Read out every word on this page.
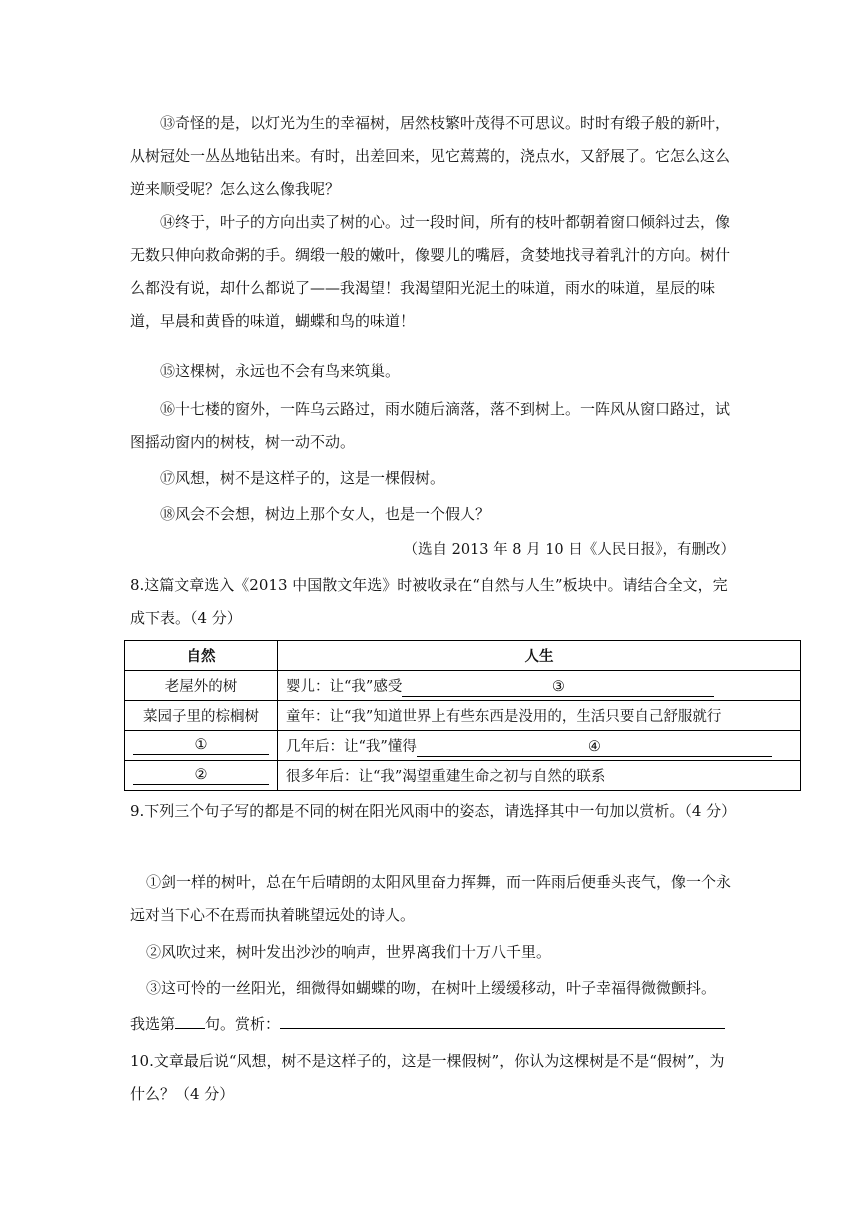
⑬奇怪的是，以灯光为生的幸福树，居然枝繁叶茂得不可思议。时时有缎子般的新叶，从树冠处一丛丛地钻出来。有时，出差回来，见它蔫蔫的，浇点水，又舒展了。它怎么这么逆来顺受呢？怎么这么像我呢？

⑭终于，叶子的方向出卖了树的心。过一段时间，所有的枝叶都朝着窗口倾斜过去，像无数只伸向救命粥的手。绸缎一般的嫩叶，像婴儿的嘴唇，贪婪地找寻着乳汁的方向。树什么都没有说，却什么都说了——我渴望！我渴望阳光泥土的味道，雨水的味道，星辰的味道，早晨和黄昏的味道，蝴蝶和鸟的味道！

⑮这棵树，永远也不会有鸟来筑巢。

⑯十七楼的窗外，一阵乌云路过，雨水随后滴落，落不到树上。一阵风从窗口路过，试图摇动窗内的树枝，树一动不动。

⑰风想，树不是这样子的，这是一棵假树。

⑱风会不会想，树边上那个女人，也是一个假人？

（选自 2013 年 8 月 10 日《人民日报》，有删改）

8.这篇文章选入《2013 中国散文年选》时被收录在“自然与人生”板块中。请结合全文，完成下表。（4 分）

自然	人生
老屋外的树	婴儿：让“我”感受 ③
菜园子里的棕榈树	童年：让“我”知道世界上有些东西是没用的，生活只要自己舒服就行
①	几年后：让“我”懂得 ④
②	很多年后：让“我”渴望重建生命之初与自然的联系

9.下列三个句子写的都是不同的树在阳光风雨中的姿态，请选择其中一句加以赏析。（4 分）

①剑一样的树叶，总在午后晴朗的太阳风里奋力挥舞，而一阵雨后便垂头丧气，像一个永远对当下心不在焉而执着眺望远处的诗人。

②风吹过来，树叶发出沙沙的响声，世界离我们十万八千里。

③这可怜的一丝阳光，细微得如蝴蝶的吻，在树叶上缓缓移动，叶子幸福得微微颤抖。

我选第 句。赏析：

10.文章最后说“风想，树不是这样子的，这是一棵假树”，你认为这棵树是不是“假树”，为什么？（4 分）
